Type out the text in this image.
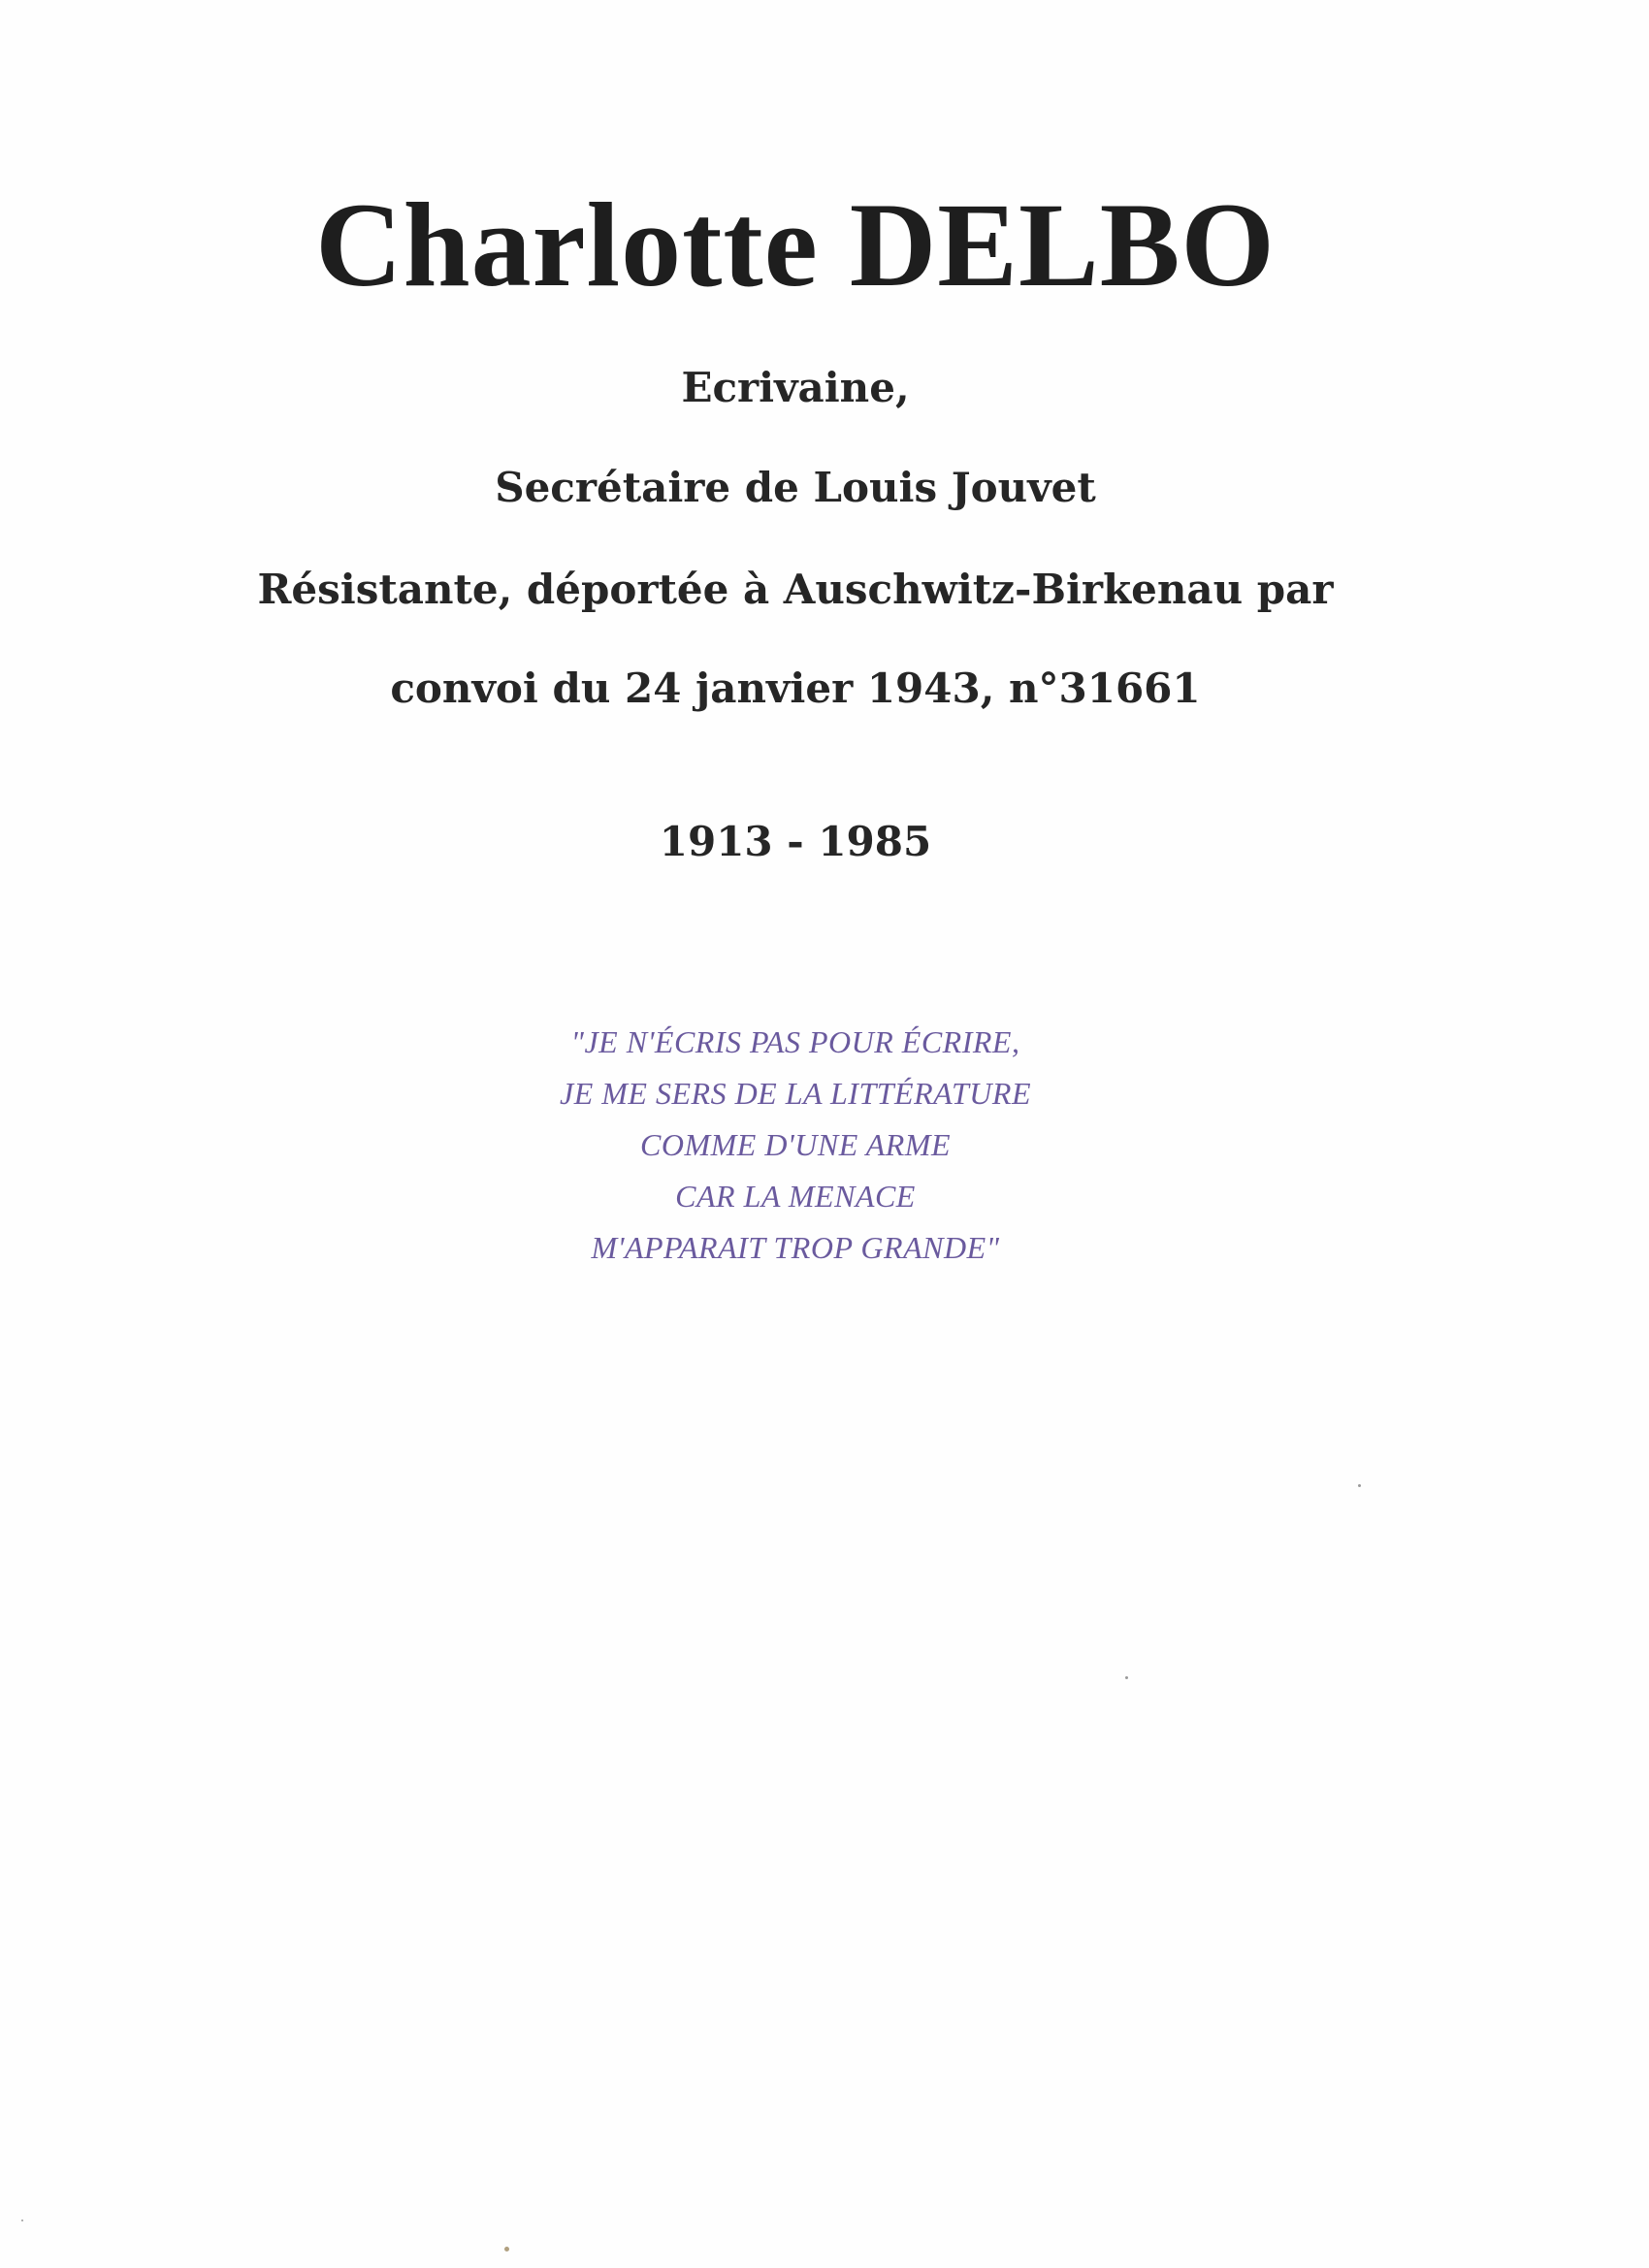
Charlotte DELBO
Ecrivaine,
Secrétaire de Louis Jouvet
Résistante, déportée à Auschwitz-Birkenau par
convoi du 24 janvier 1943, n°31661
1913 - 1985
"JE N'ÉCRIS PAS POUR ÉCRIRE,
JE ME SERS DE LA LITTÉRATURE
COMME D'UNE ARME
CAR LA MENACE
M'APPARAIT TROP GRANDE"
